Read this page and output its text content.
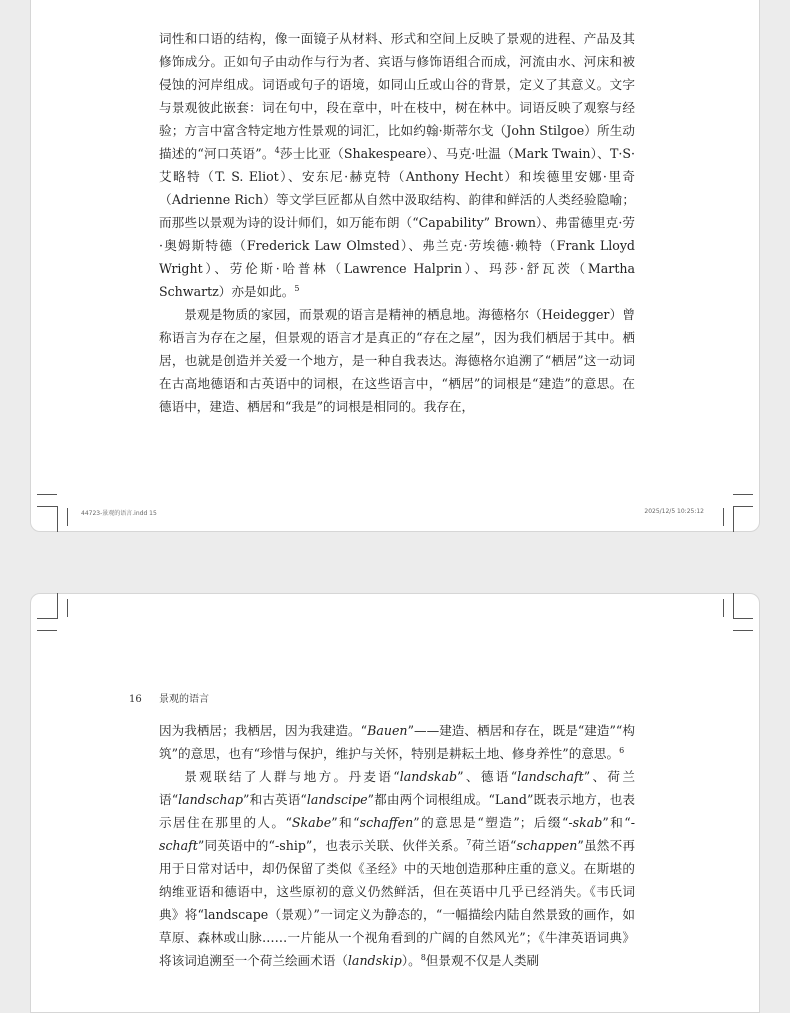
词性和口语的结构，像一面镜子从材料、形式和空间上反映了景观的进程、产品及其修饰成分。正如句子由动作与行为者、宾语与修饰语组合而成，河流由水、河床和被侵蚀的河岸组成。词语或句子的语境，如同山丘或山谷的背景，定义了其意义。文字与景观彼此嵌套：词在句中，段在章中，叶在枝中，树在林中。词语反映了观察与经验；方言中富含特定地方性景观的词汇，比如约翰·斯蒂尔戈（John Stilgoe）所生动描述的“河口英语”。$^4$莎士比亚（Shakespeare）、马克·吐温（Mark Twain）、T·S·艾略特（T. S. Eliot）、安东尼·赫克特（Anthony Hecht）和埃德里安娜·里奇（Adrienne Rich）等文学巨匠都从自然中汲取结构、韵律和鲜活的人类经验隐喻；而那些以景观为诗的设计师们，如万能布朗（“Capability” Brown）、弗雷德里克·劳·奥姆斯特德（Frederick Law Olmsted）、弗兰克·劳埃德·赖特（Frank Lloyd Wright）、劳伦斯·哈普林（Lawrence Halprin）、玛莎·舒瓦茨（Martha Schwartz）亦是如此。$^5$

景观是物质的家园，而景观的语言是精神的栖息地。海德格尔（Heidegger）曾称语言为存在之屋，但景观的语言才是真正的“存在之屋”，因为我们栖居于其中。栖居，也就是创造并关爱一个地方，是一种自我表达。海德格尔追溯了“栖居”这一动词在古高地德语和古英语中的词根，在这些语言中，“栖居”的词根是“建造”的意思。在德语中，建造、栖居和“我是”的词根是相同的。我存在，

44723-景观的语言.indd 15	2025/12/5 10:25:12
16 景观的语言

因为我栖居；我栖居，因为我建造。“Bauen”——建造、栖居和存在，既是“建造”“构筑”的意思，也有“珍惜与保护，维护与关怀，特别是耕耘土地、修身养性”的意思。$^6$

景观联结了人群与地方。丹麦语“landskab”、德语“landschaft”、荷兰语“landschap”和古英语“landscipe”都由两个词根组成。“Land”既表示地方，也表示居住在那里的人。“Skabe”和“schaffen”的意思是“塑造”；后缀“-skab”和“-schaft”同英语中的“-ship”，也表示关联、伙伴关系。$^7$荷兰语“schappen”虽然不再用于日常对话中，却仍保留了类似《圣经》中的天地创造那种庄重的意义。在斯堪的纳维亚语和德语中，这些原初的意义仍然鲜活，但在英语中几乎已经消失。《韦氏词典》将“landscape（景观）”一词定义为静态的，“一幅描绘内陆自然景致的画作，如草原、森林或山脉……一片能从一个视角看到的广阔的自然风光”；《牛津英语词典》将该词追溯至一个荷兰绘画术语（landskip）。$^8$但景观不仅是人类刷
